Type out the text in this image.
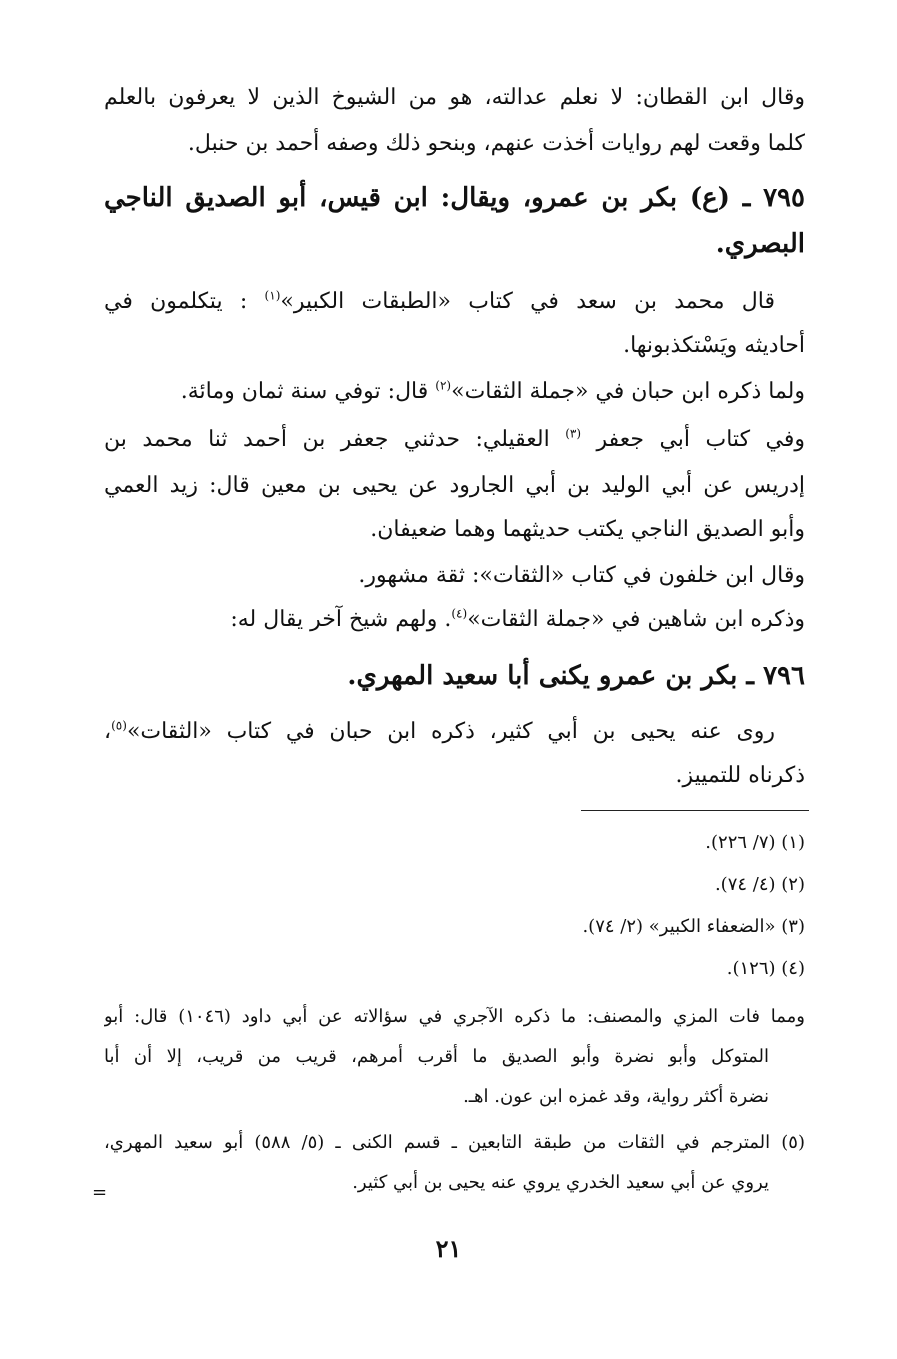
وقال ابن القطان: لا نعلم عدالته، هو من الشيوخ الذين لا يعرفون بالعلم
كلما وقعت لهم روايات أخذت عنهم، وبنحو ذلك وصفه أحمد بن حنبل.
٧٩٥ ـ (ع) بكر بن عمرو، ويقال: ابن قيس، أبو الصديق الناجي
البصري.
قال محمد بن سعد في كتاب «الطبقات الكبير»$^{(١)}$ : يتكلمون في
أحاديثه ويَسْتكذبونها.
ولما ذكره ابن حبان في «جملة الثقات»$^{(٢)}$ قال: توفي سنة ثمان ومائة.
وفي كتاب أبي جعفر $^{(٣)}$ العقيلي: حدثني جعفر بن أحمد ثنا محمد بن
إدريس عن أبي الوليد بن أبي الجارود عن يحيى بن معين قال: زيد العمي
وأبو الصديق الناجي يكتب حديثهما وهما ضعيفان.
وقال ابن خلفون في كتاب «الثقات»: ثقة مشهور.
وذكره ابن شاهين في «جملة الثقات»$^{(٤)}$. ولهم شيخ آخر يقال له:
٧٩٦ ـ بكر بن عمرو يكنى أبا سعيد المهري.
روى عنه يحيى بن أبي كثير، ذكره ابن حبان في كتاب «الثقات»$^{(٥)}$،
ذكرناه للتمييز.
(١) (٧/ ٢٢٦).
(٢) (٤/ ٧٤).
(٣) «الضعفاء الكبير» (٢/ ٧٤).
(٤) (١٢٦).
ومما فات المزي والمصنف: ما ذكره الآجري في سؤالاته عن أبي داود (١٠٤٦) قال: أبو
المتوكل وأبو نضرة وأبو الصديق ما أقرب أمرهم، قريب من قريب، إلا أن أبا
نضرة أكثر رواية، وقد غمزه ابن عون. اهـ.
(٥) المترجم في الثقات من طبقة التابعين ـ قسم الكنى ـ (٥/ ٥٨٨) أبو سعيد المهري،
يروي عن أبي سعيد الخدري يروي عنه يحيى بن أبي كثير.
=
٢١
